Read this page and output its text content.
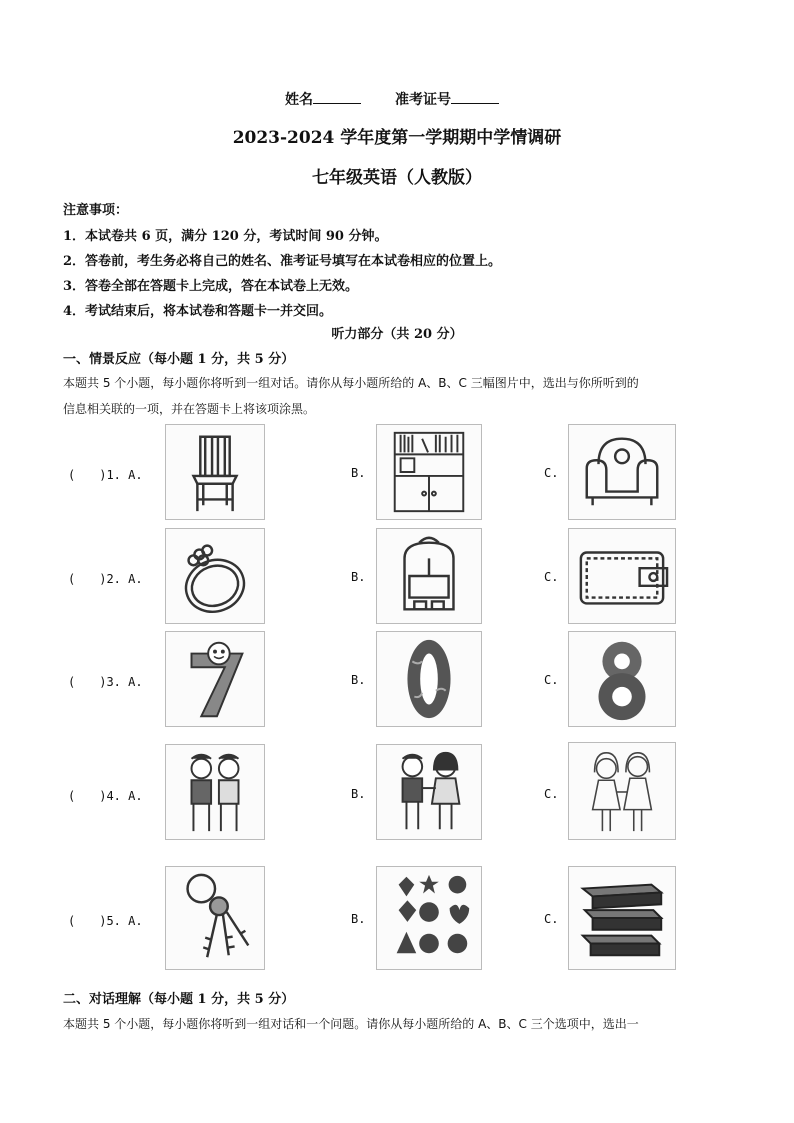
姓名	准考证号
2023-2024 学年度第一学期期中学情调研
七年级英语（人教版）
注意事项：
1．本试卷共 6 页，满分 120 分，考试时间 90 分钟。
2．答卷前，考生务必将自己的姓名、准考证号填写在本试卷相应的位置上。
3．答卷全部在答题卡上完成，答在本试卷上无效。
4．考试结束后，将本试卷和答题卡一并交回。
听力部分（共 20 分）
一、情景反应（每小题 1 分，共 5 分）
本题共 5 个小题，每小题你将听到一组对话。请你从每小题所给的 A、B、C 三幅图片中，选出与你所听到的
信息相关联的一项，并在答题卡上将该项涂黑。
(　　)1. A.	B.	C.
(　　)2. A.	B.	C.
(　　)3. A.	B.	C.
(　　)4. A.	B.	C.
(　　)5. A.	B.	C.
二、对话理解（每小题 1 分，共 5 分）
本题共 5 个小题，每小题你将听到一组对话和一个问题。请你从每小题所给的 A、B、C 三个选项中，选出一
